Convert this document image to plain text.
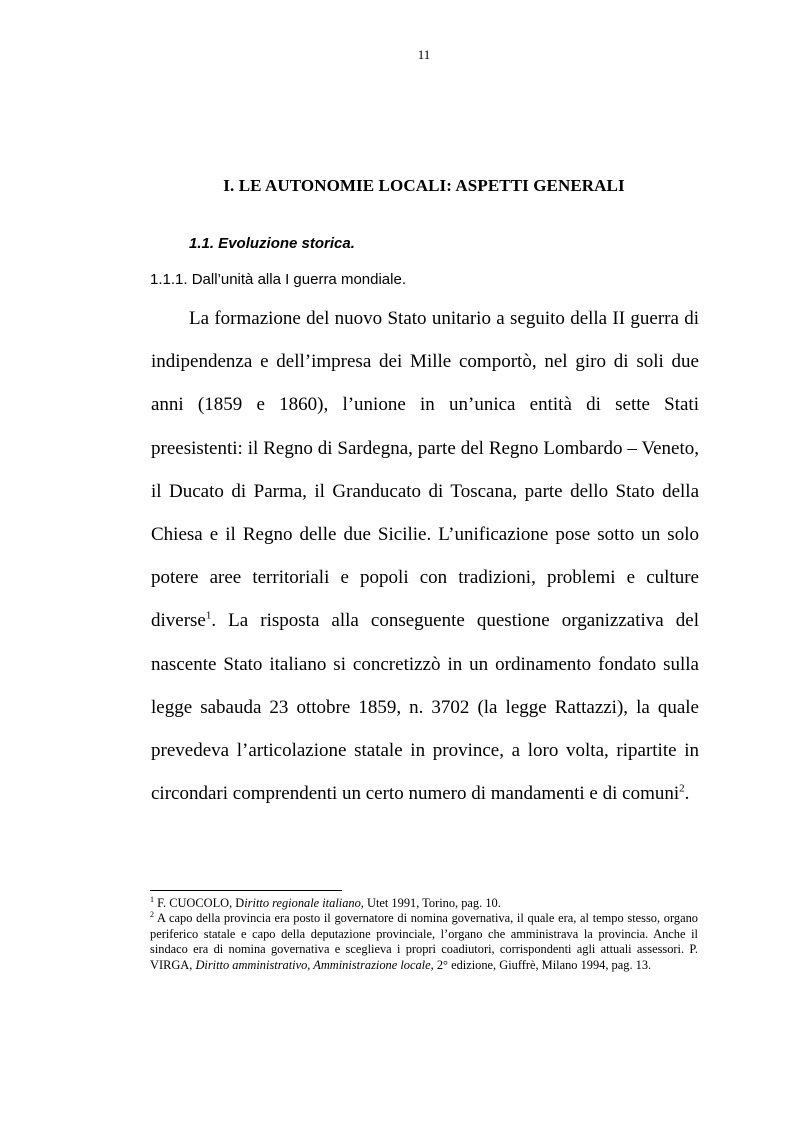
11
I. LE AUTONOMIE LOCALI: ASPETTI GENERALI
1.1. Evoluzione storica.
1.1.1. Dall’unità alla I guerra mondiale.

La formazione del nuovo Stato unitario a seguito della II guerra di indipendenza e dell’impresa dei Mille comportò, nel giro di soli due anni (1859 e 1860), l’unione in un’unica entità di sette Stati preesistenti: il Regno di Sardegna, parte del Regno Lombardo – Veneto, il Ducato di Parma, il Granducato di Toscana, parte dello Stato della Chiesa e il Regno delle due Sicilie. L’unificazione pose sotto un solo potere aree territoriali e popoli con tradizioni, problemi e culture diverse$^1$. La risposta alla conseguente questione organizzativa del nascente Stato italiano si concretizzò in un ordinamento fondato sulla legge sabauda 23 ottobre 1859, n. 3702 (la legge Rattazzi), la quale prevedeva l’articolazione statale in province, a loro volta, ripartite in circondari comprendenti un certo numero di mandamenti e di comuni$^2$.

$^1$ F. CUOCOLO, Diritto regionale italiano, Utet 1991, Torino, pag. 10.

$^2$ A capo della provincia era posto il governatore di nomina governativa, il quale era, al tempo stesso, organo periferico statale e capo della deputazione provinciale, l’organo che amministrava la provincia. Anche il sindaco era di nomina governativa e sceglieva i propri coadiutori, corrispondenti agli attuali assessori. P. VIRGA, Diritto amministrativo, Amministrazione locale, 2° edizione, Giuffrè, Milano 1994, pag. 13.
